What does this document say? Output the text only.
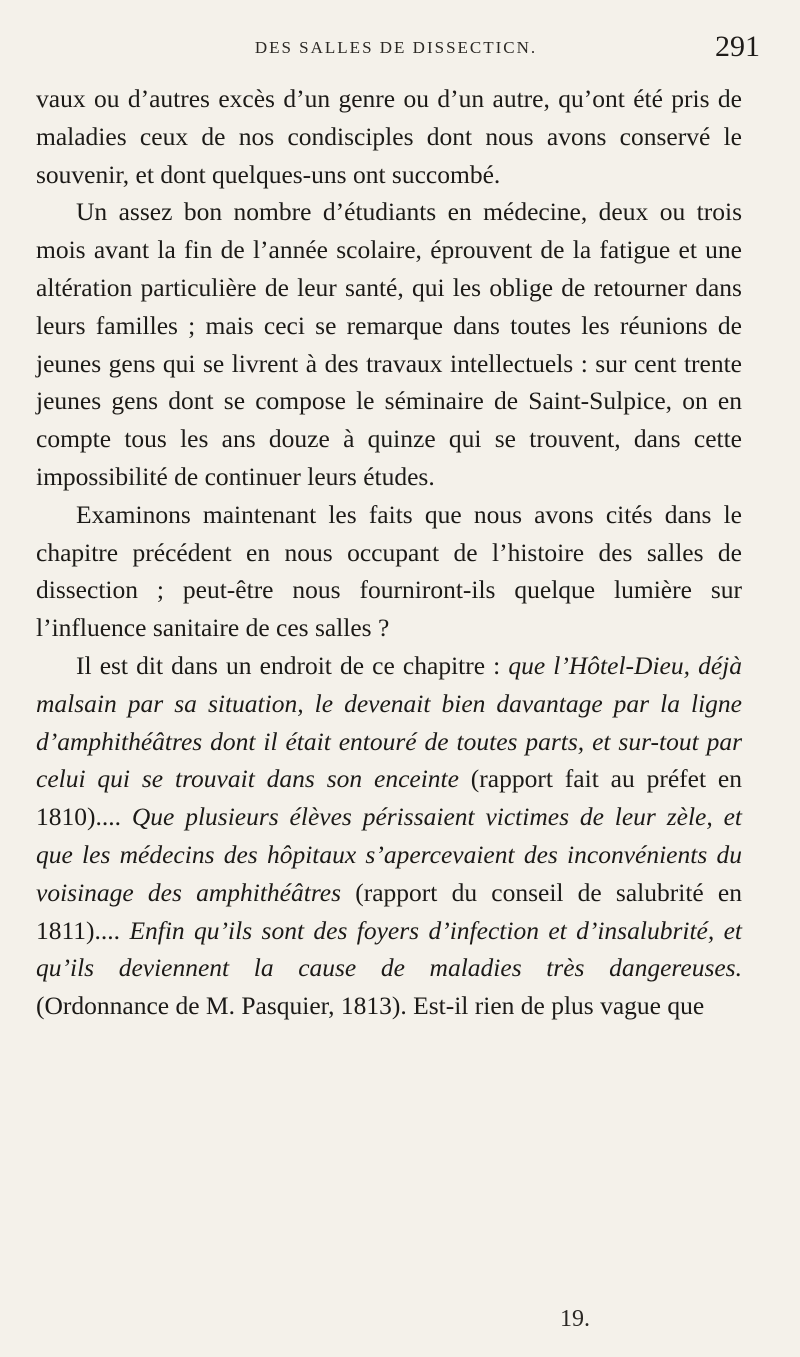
DES SALLES DE DISSECTICN.	291

vaux ou d’autres excès d’un genre ou d’un autre, qu’ont été pris de maladies ceux de nos condisciples dont nous avons conservé le souvenir, et dont quelques-uns ont succombé.

Un assez bon nombre d’étudiants en médecine, deux ou trois mois avant la fin de l’année scolaire, éprouvent de la fatigue et une altération particulière de leur santé, qui les oblige de retourner dans leurs familles ; mais ceci se remarque dans toutes les réunions de jeunes gens qui se livrent à des travaux intellectuels : sur cent trente jeunes gens dont se compose le séminaire de Saint-Sulpice, on en compte tous les ans douze à quinze qui se trouvent, dans cette impossibilité de continuer leurs études.

Examinons maintenant les faits que nous avons cités dans le chapitre précédent en nous occupant de l’histoire des salles de dissection ; peut-être nous fourniront-ils quelque lumière sur l’influence sanitaire de ces salles ?

Il est dit dans un endroit de ce chapitre : que l’Hôtel-Dieu, déjà malsain par sa situation, le devenait bien davantage par la ligne d’amphithéâtres dont il était entouré de toutes parts, et sur-tout par celui qui se trouvait dans son enceinte (rapport fait au préfet en 1810).... Que plusieurs élèves périssaient victimes de leur zèle, et que les médecins des hôpitaux s’apercevaient des inconvénients du voisinage des amphithéâtres (rapport du conseil de salubrité en 1811).... Enfin qu’ils sont des foyers d’infection et d’insalubrité, et qu’ils deviennent la cause de maladies très dangereuses. (Ordonnance de M. Pasquier, 1813). Est-il rien de plus vague que

19.
